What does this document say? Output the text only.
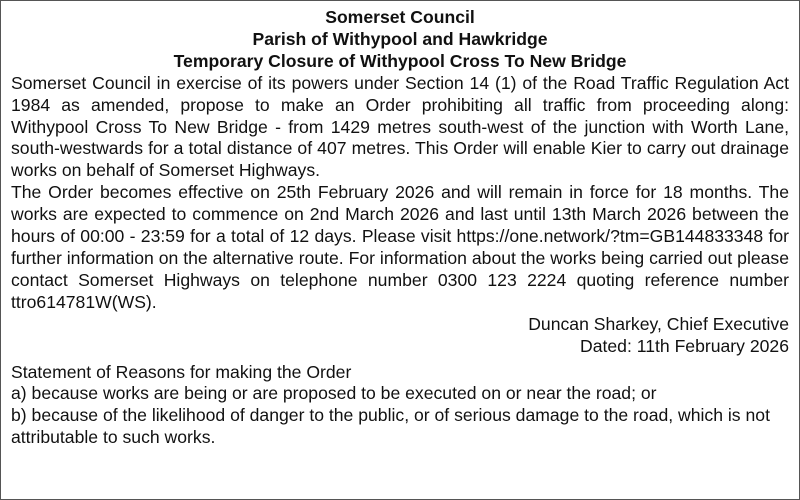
Somerset Council
Parish of Withypool and Hawkridge
Temporary Closure of Withypool Cross To New Bridge
Somerset Council in exercise of its powers under Section 14 (1) of the Road Traffic Regulation Act 1984 as amended, propose to make an Order prohibiting all traffic from proceeding along: Withypool Cross To New Bridge - from 1429 metres south-west of the junction with Worth Lane, south-westwards for a total distance of 407 metres. This Order will enable Kier to carry out drainage works on behalf of Somerset Highways.
The Order becomes effective on 25th February 2026 and will remain in force for 18 months. The works are expected to commence on 2nd March 2026 and last until 13th March 2026 between the hours of 00:00 - 23:59 for a total of 12 days. Please visit https://one.network/?tm=GB144833348 for further information on the alternative route. For information about the works being carried out please contact Somerset Highways on telephone number 0300 123 2224 quoting reference number ttro614781W(WS).
Duncan Sharkey, Chief Executive
Dated: 11th February 2026
Statement of Reasons for making the Order
a) because works are being or are proposed to be executed on or near the road; or
b) because of the likelihood of danger to the public, or of serious damage to the road, which is not attributable to such works.
